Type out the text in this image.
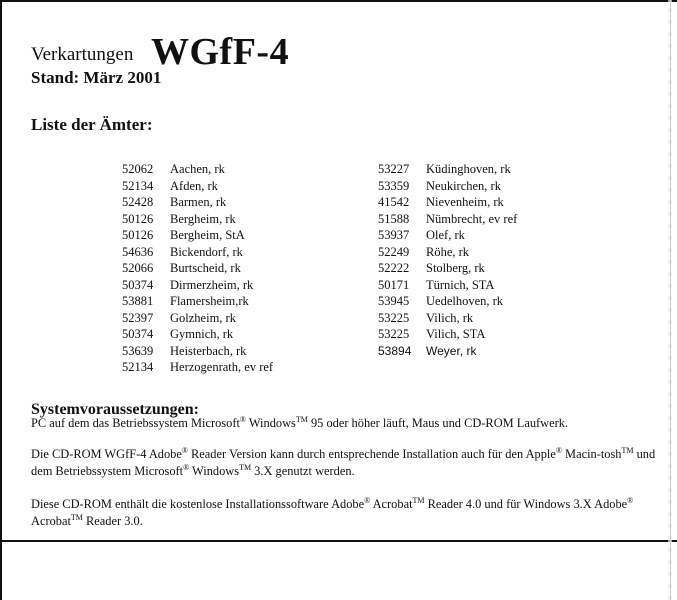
Verkartungen WGfF-4
Stand: März 2001
Liste der Ämter:
52062	Aachen, rk
52134	Afden, rk
52428	Barmen, rk
50126	Bergheim, rk
50126	Bergheim, StA
54636	Bickendorf, rk
52066	Burtscheid, rk
50374	Dirmerzheim, rk
53881	Flamersheim,rk
52397	Golzheim, rk
50374	Gymnich, rk
53639	Heisterbach, rk
52134	Herzogenrath, ev ref
53227	Küdinghoven, rk
53359	Neukirchen, rk
41542	Nievenheim, rk
51588	Nümbrecht, ev ref
53937	Olef, rk
52249	Röhe, rk
52222	Stolberg, rk
50171	Türnich, STA
53945	Uedelhoven, rk
53225	Vilich, rk
53225	Vilich, STA
53894	Weyer, rk
Systemvoraussetzungen:
PC auf dem das Betriebssystem Microsoft® Windows™ 95 oder höher läuft, Maus und CD-ROM Laufwerk.
Die CD-ROM WGfF-4 Adobe® Reader Version kann durch entsprechende Installation auch für den Apple® Macin-tosh™ und dem Betriebssystem Microsoft® Windows™ 3.X genutzt werden.
Diese CD-ROM enthält die kostenlose Installationssoftware Adobe® Acrobat™ Reader 4.0 und für Windows 3.X Adobe® Acrobat™ Reader 3.0.
